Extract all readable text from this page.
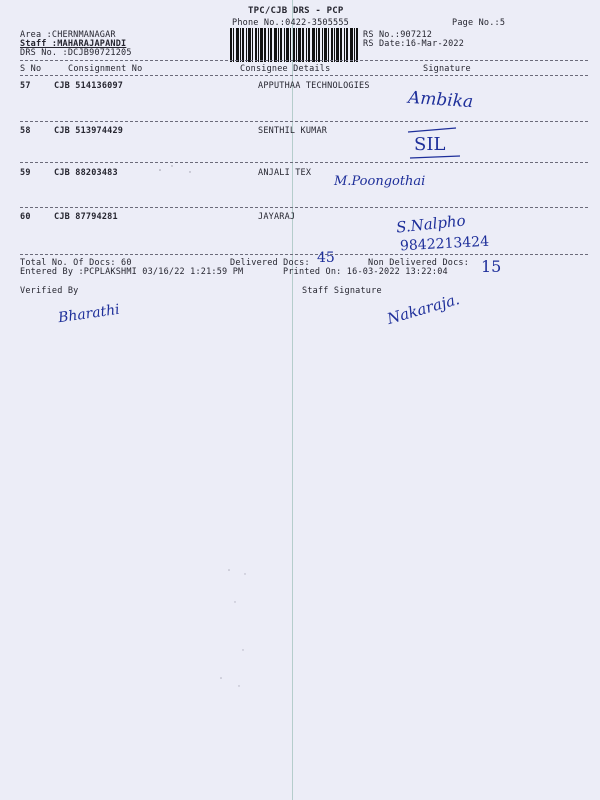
TPC/CJB DRS - PCP
Phone No.:0422-3505555	Page No.:5
Area :CHERNMANAGAR
Staff :MAHARAJAPANDI
DRS No. :DCJB90721205
RS No.:907212
RS Date:16-Mar-2022
S No	Consignment No	Consignee Details	Signature
57	CJB 514136097	APPUTHAA TECHNOLOGIES
Ambika
58	CJB 513974429	SENTHIL KUMAR
SIL
59	CJB 88203483	ANJALI TEX
M.Poongothai
60	CJB 87794281	JAYARAJ	S.Nalpho
9842213424
Total No. Of Docs: 60	Delivered Docs: 45	Non Delivered Docs: 15
Entered By :PCPLAKSHMI 03/16/22 1:21:59 PM	Printed On: 16-03-2022 13:22:04
Verified By
Bharathi
Staff Signature Nakaraja.
